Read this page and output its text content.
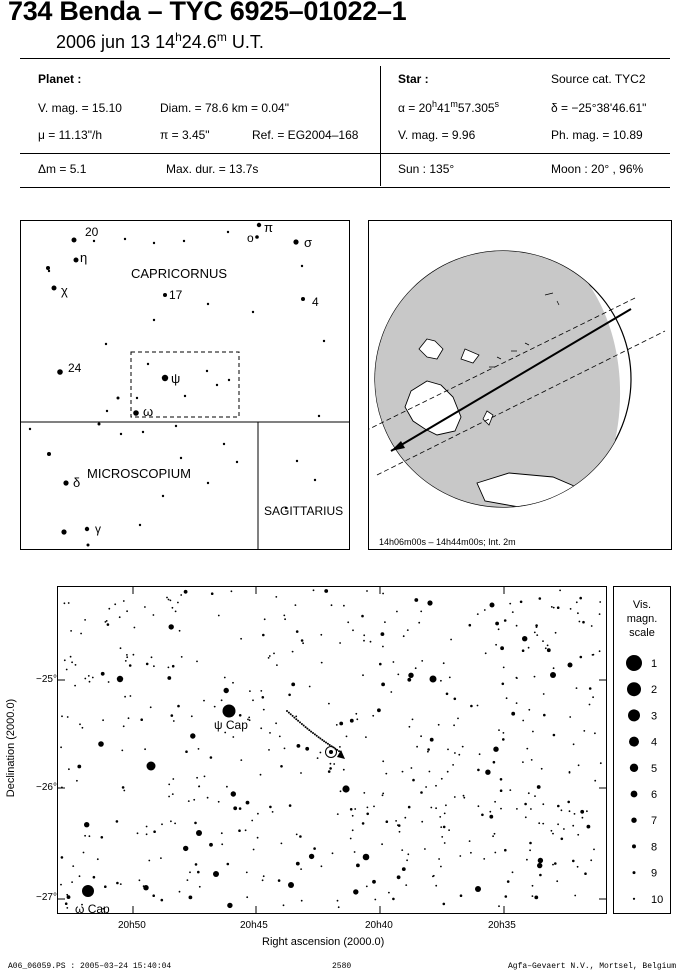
734 Benda – TYC 6925–01022–1
2006 jun 13 14$^h$24.6$^m$ U.T.
Planet :
V. mag. = 15.10	Diam. = 78.6 km = 0.04"
μ = 11.13"/h	π = 3.45"	Ref. = EG2004–168
Star :	Source cat. TYC2
$\alpha = 20^h41^m57.305^s$	δ = −25°38'46.61"
V. mag. = 9.96	Ph. mag. = 10.89
Δm = 5.1	Max. dur. = 13.7s	Sun : 135°	Moon : 20° , 96%
CAPRICORNUS
MICROSCOPIUM
SAGITTARIUS
20
η
χ	17
o
π
σ
4
24
ψ
ω
δ
γ
14h06m00s – 14h44m00s; Int. 2m
ψ Cap
ω Cap
Declination (2000.0)
−25°
−26°
−27°
20h50	20h45	20h40	20h35
Right ascension (2000.0)
Vis.
magn.
scale
1
2
3
4
5
6
7
8
9
10
A06_06059.PS : 2005–03–24 15:40:04	2580	Agfa–Gevaert N.V., Mortsel, Belgium
